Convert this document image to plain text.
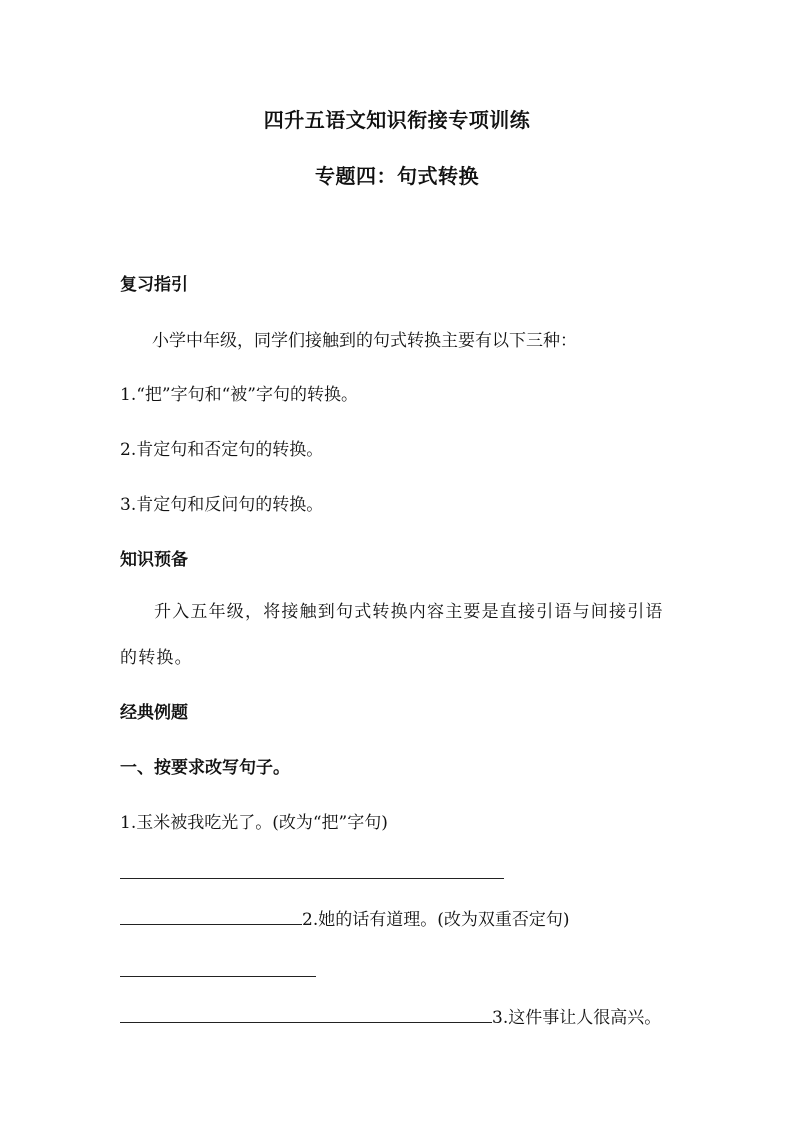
四升五语文知识衔接专项训练
专题四：句式转换
复习指引
小学中年级，同学们接触到的句式转换主要有以下三种：
1.“把”字句和“被”字句的转换。
2.肯定句和否定句的转换。
3.肯定句和反问句的转换。
知识预备
升入五年级，将接触到句式转换内容主要是直接引语与间接引语的转换。
经典例题
一、按要求改写句子。
1.玉米被我吃光了。(改为“把”字句)
2.她的话有道理。(改为双重否定句)
3.这件事让人很高兴。
